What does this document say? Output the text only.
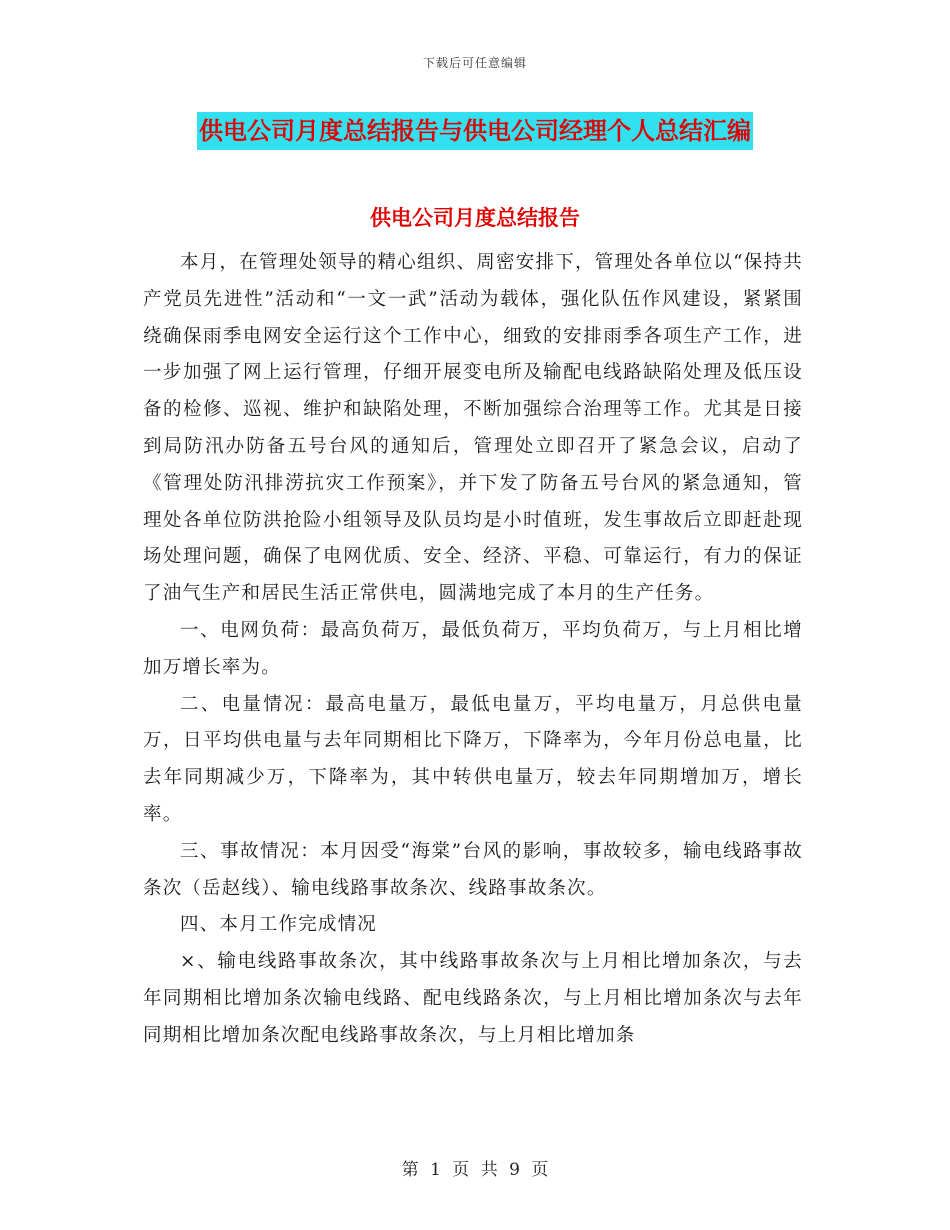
下载后可任意编辑
供电公司月度总结报告与供电公司经理个人总结汇编
供电公司月度总结报告

本月，在管理处领导的精心组织、周密安排下，管理处各单位以“保持共产党员先进性”活动和“一文一武”活动为载体，强化队伍作风建设，紧紧围绕确保雨季电网安全运行这个工作中心，细致的安排雨季各项生产工作，进一步加强了网上运行管理，仔细开展变电所及输配电线路缺陷处理及低压设备的检修、巡视、维护和缺陷处理，不断加强综合治理等工作。尤其是日接到局防汛办防备五号台风的通知后，管理处立即召开了紧急会议，启动了《管理处防汛排涝抗灾工作预案》，并下发了防备五号台风的紧急通知，管理处各单位防洪抢险小组领导及队员均是小时值班，发生事故后立即赶赴现场处理问题，确保了电网优质、安全、经济、平稳、可靠运行，有力的保证了油气生产和居民生活正常供电，圆满地完成了本月的生产任务。

一、电网负荷：最高负荷万，最低负荷万，平均负荷万，与上月相比增加万增长率为。

二、电量情况：最高电量万，最低电量万，平均电量万，月总供电量万，日平均供电量与去年同期相比下降万，下降率为，今年月份总电量，比去年同期减少万，下降率为，其中转供电量万，较去年同期增加万，增长率。

三、事故情况：本月因受“海棠”台风的影响，事故较多，输电线路事故条次（岳赵线）、输电线路事故条次、线路事故条次。

四、本月工作完成情况

×、输电线路事故条次，其中线路事故条次与上月相比增加条次，与去年同期相比增加条次输电线路、配电线路条次，与上月相比增加条次与去年同期相比增加条次配电线路事故条次，与上月相比增加条

第 1 页 共 9 页
